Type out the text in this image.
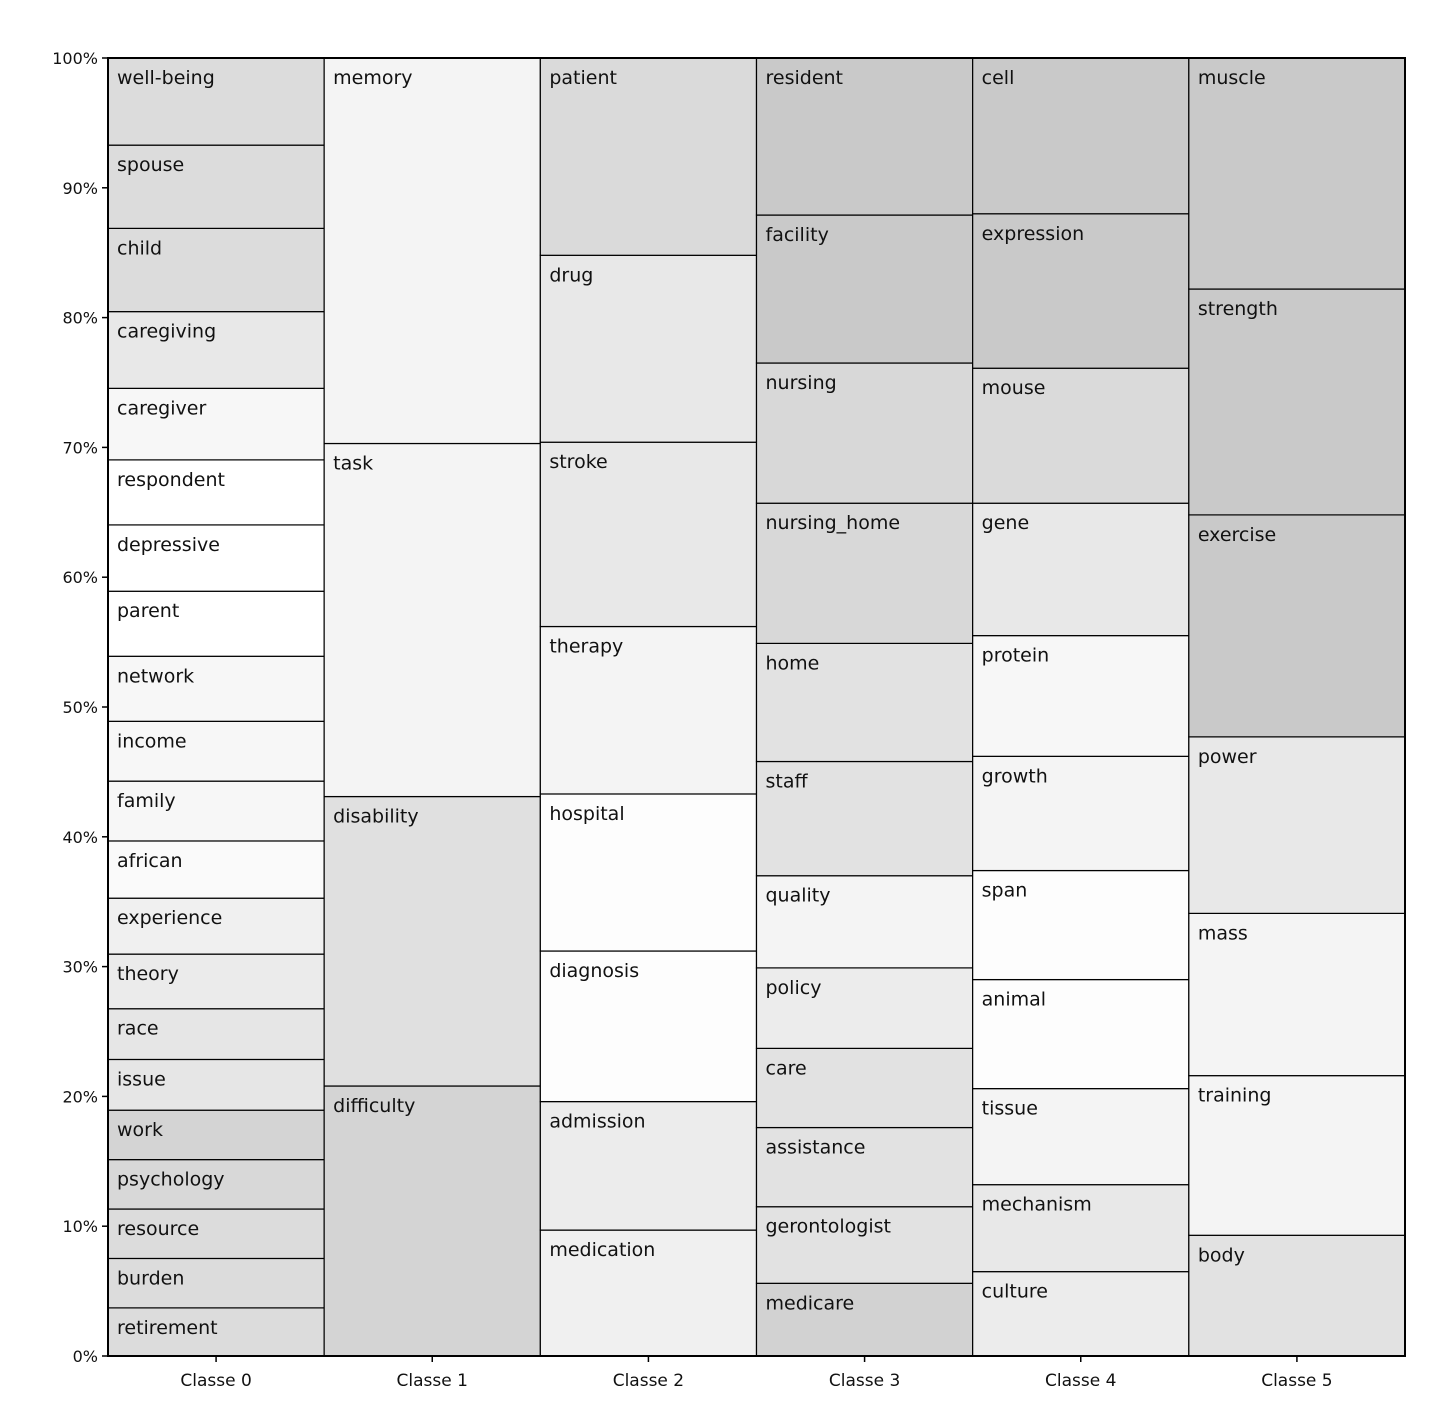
retirement
burden
resource
psychology
work
issue
race
theory
experience
african
family
income
network
parent
depressive
respondent
caregiver
caregiving
child
spouse
well-being
difficulty
disability
task
memory
medication
admission
diagnosis
hospital
therapy
stroke
drug
patient
medicare
gerontologist
assistance
care
policy
quality
staff
home
nursing_home
nursing
facility
resident
culture
mechanism
tissue
animal
span
growth
protein
gene
mouse
expression
cell
body
training
mass
power
exercise
strength
muscle
0%
10%
20%
30%
40%
50%
60%
70%
80%
90%
100%
Classe 0	Classe 1	Classe 2	Classe 3	Classe 4	Classe 5
